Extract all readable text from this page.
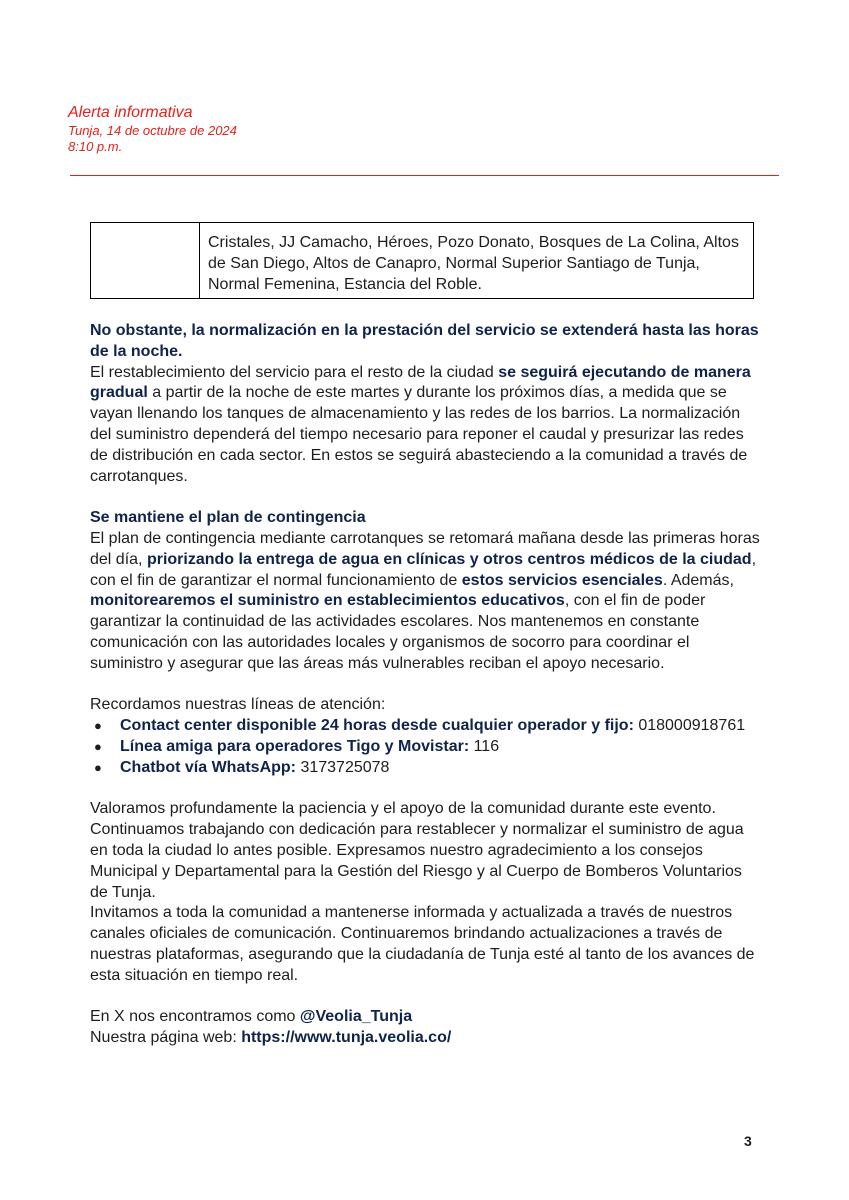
Alerta informativa
Tunja, 14 de octubre de 2024
8:10 p.m.
	Cristales, JJ Camacho, Héroes, Pozo Donato, Bosques de La Colina, Altos de San Diego, Altos de Canapro, Normal Superior Santiago de Tunja, Normal Femenina, Estancia del Roble.

No obstante, la normalización en la prestación del servicio se extenderá hasta las horas de la noche.

El restablecimiento del servicio para el resto de la ciudad se seguirá ejecutando de manera gradual a partir de la noche de este martes y durante los próximos días, a medida que se vayan llenando los tanques de almacenamiento y las redes de los barrios. La normalización del suministro dependerá del tiempo necesario para reponer el caudal y presurizar las redes de distribución en cada sector. En estos se seguirá abasteciendo a la comunidad a través de carrotanques.

Se mantiene el plan de contingencia

El plan de contingencia mediante carrotanques se retomará mañana desde las primeras horas del día, priorizando la entrega de agua en clínicas y otros centros médicos de la ciudad, con el fin de garantizar el normal funcionamiento de estos servicios esenciales. Además, monitorearemos el suministro en establecimientos educativos, con el fin de poder garantizar la continuidad de las actividades escolares. Nos mantenemos en constante comunicación con las autoridades locales y organismos de socorro para coordinar el suministro y asegurar que las áreas más vulnerables reciban el apoyo necesario.

Recordamos nuestras líneas de atención:

● Contact center disponible 24 horas desde cualquier operador y fijo: 018000918761
● Línea amiga para operadores Tigo y Movistar: 116
● Chatbot vía WhatsApp: 3173725078

Valoramos profundamente la paciencia y el apoyo de la comunidad durante este evento. Continuamos trabajando con dedicación para restablecer y normalizar el suministro de agua en toda la ciudad lo antes posible. Expresamos nuestro agradecimiento a los consejos Municipal y Departamental para la Gestión del Riesgo y al Cuerpo de Bomberos Voluntarios de Tunja.

Invitamos a toda la comunidad a mantenerse informada y actualizada a través de nuestros canales oficiales de comunicación. Continuaremos brindando actualizaciones a través de nuestras plataformas, asegurando que la ciudadanía de Tunja esté al tanto de los avances de esta situación en tiempo real.

En X nos encontramos como @Veolia_Tunja

Nuestra página web: https://www.tunja.veolia.co/

3
